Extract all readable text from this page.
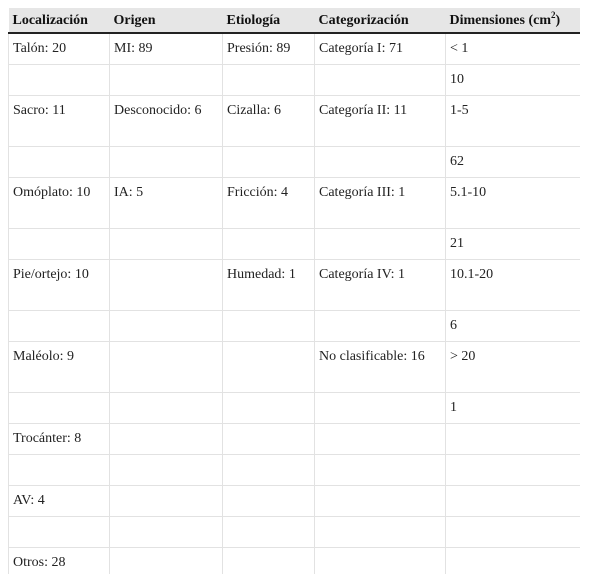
Localización	Origen	Etiología	Categorización	Dimensiones $(cm^2)$
Talón: 20	MI: 89	Presión: 89	Categoría I: 71	< 1
				10
Sacro: 11	Desconocido: 6	Cizalla: 6	Categoría II: 11	1-5
				62
Omóplato: 10	IA: 5	Fricción: 4	Categoría III: 1	5.1-10
				21
Pie/ortejo: 10		Humedad: 1	Categoría IV: 1	10.1-20
				6
Maléolo: 9			No clasificable: 16	> 20
				1
Trocánter: 8				

AV: 4				

Otros: 28				
